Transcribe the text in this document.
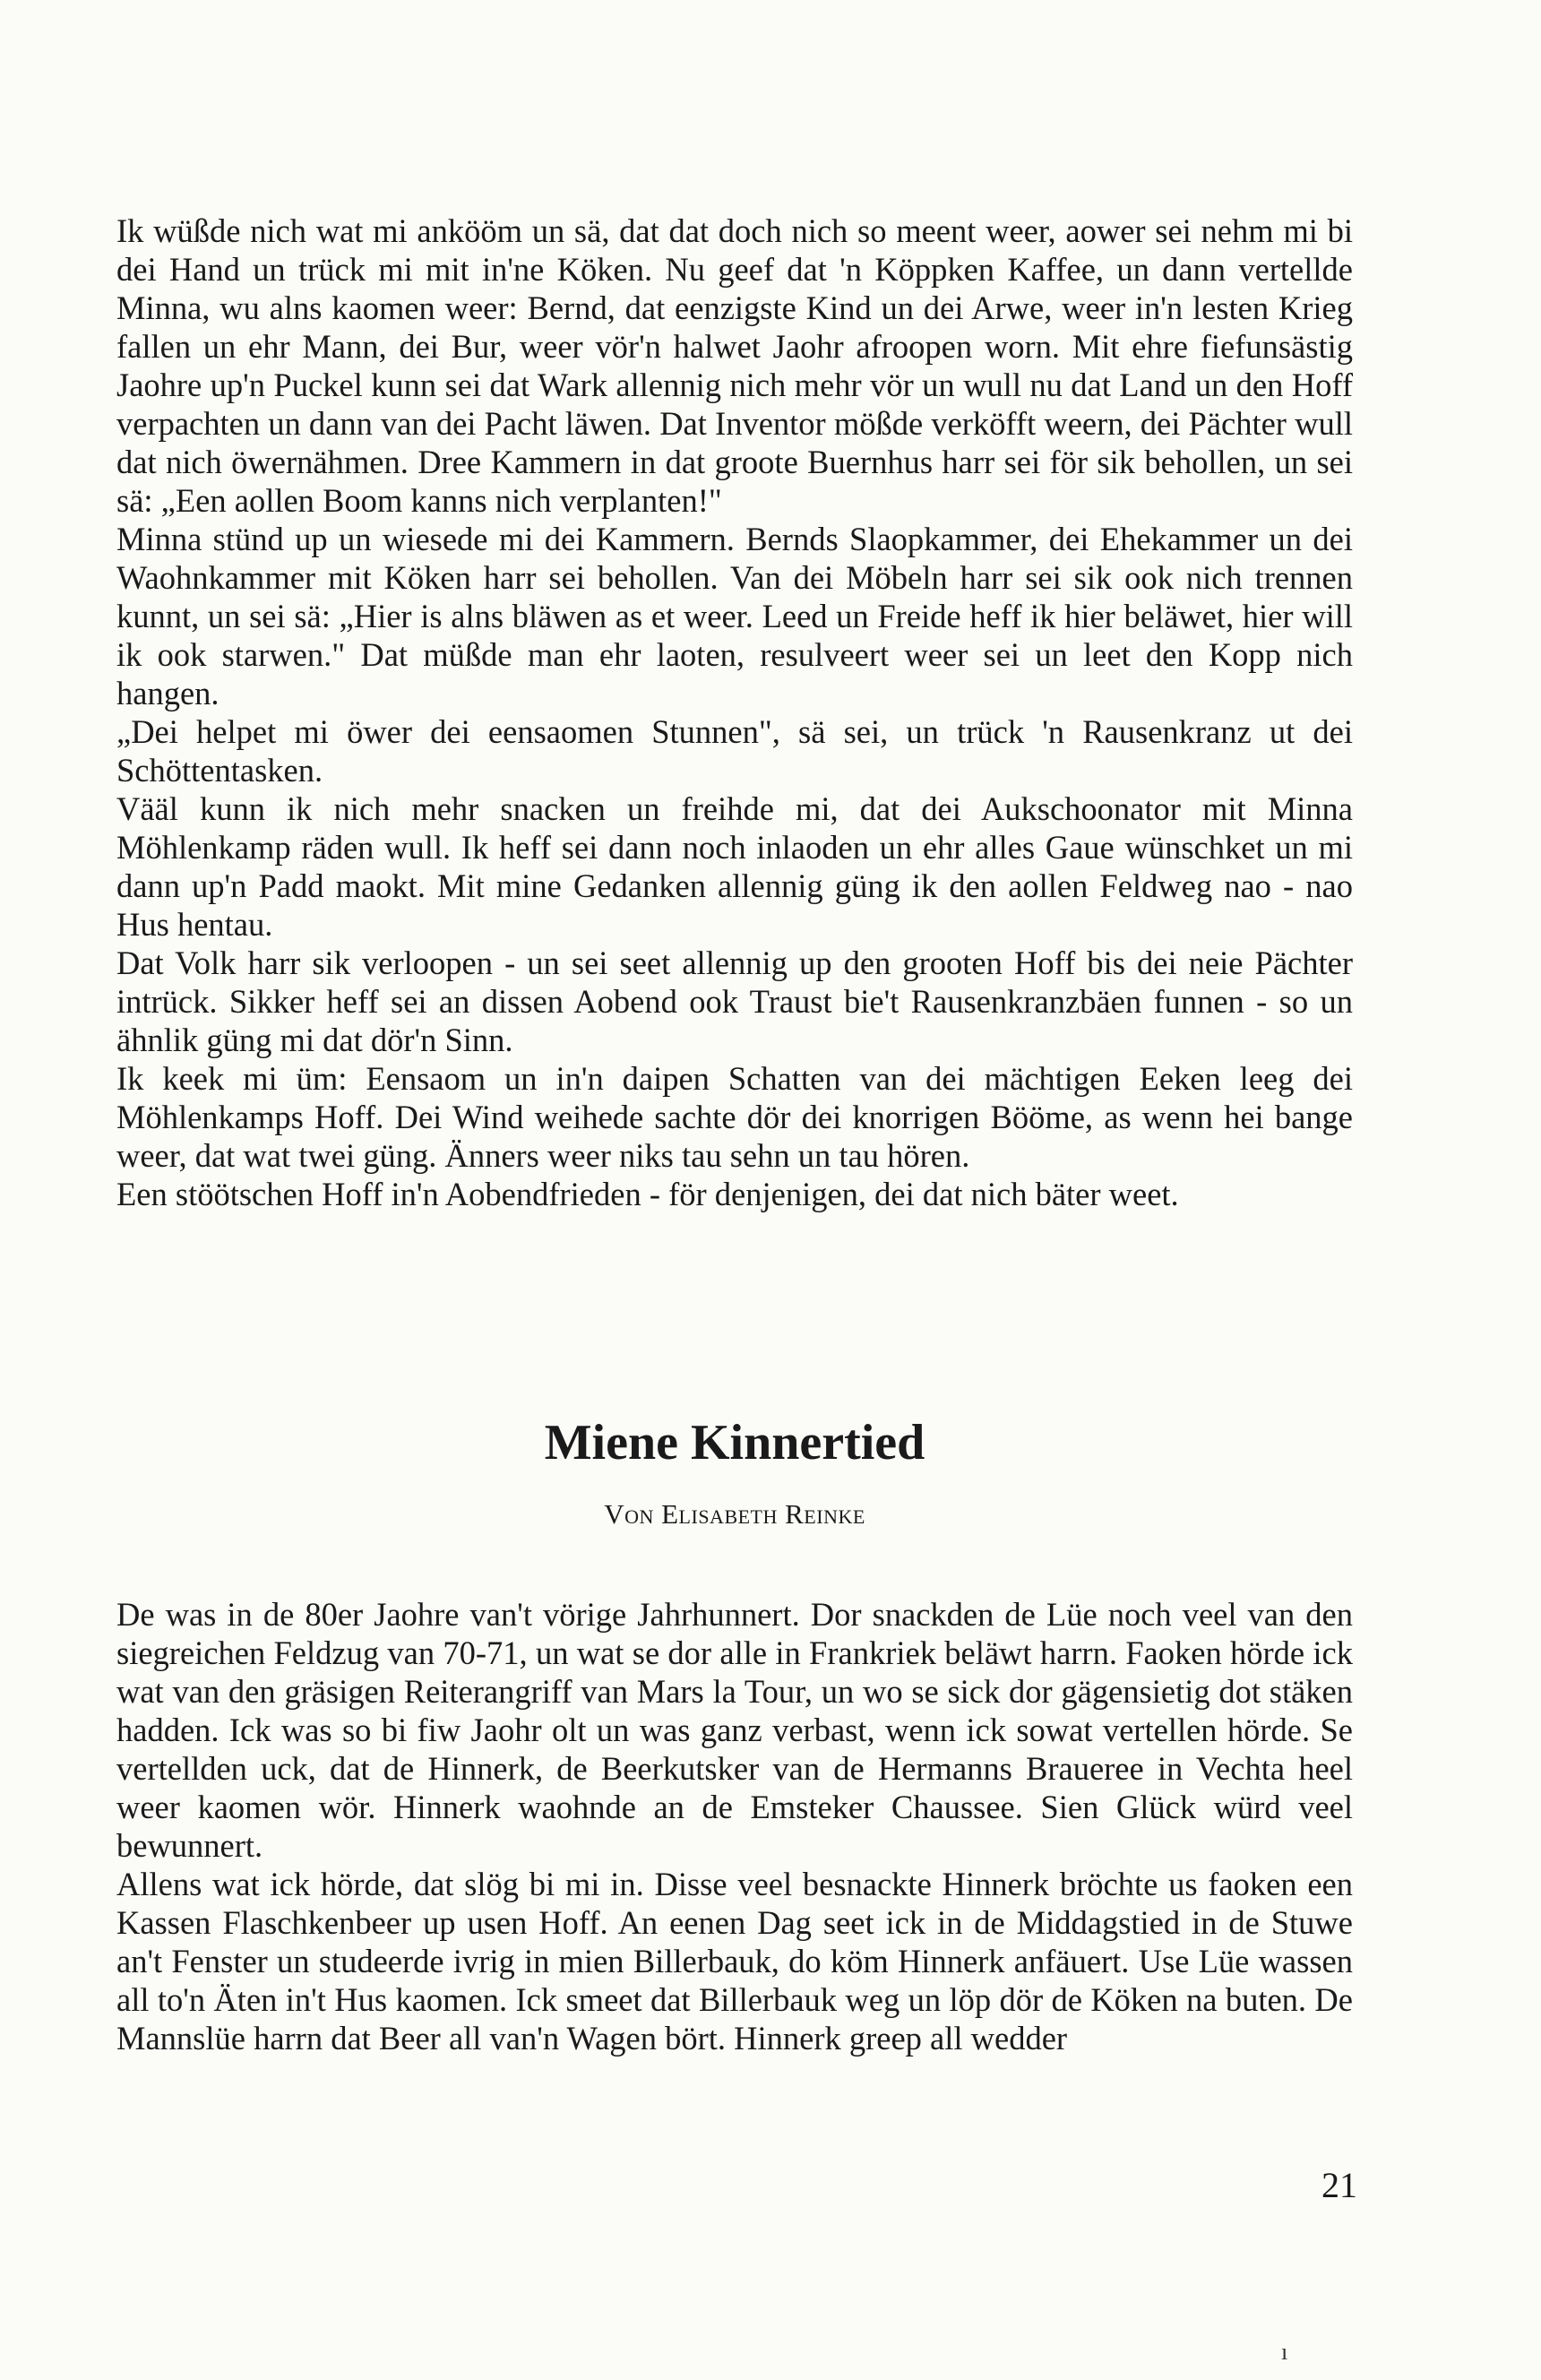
Ik wüßde nich wat mi ankööm un sä, dat dat doch nich so meent weer, aower sei nehm mi bi dei Hand un trück mi mit in'ne Köken. Nu geef dat 'n Köppken Kaffee, un dann vertellde Minna, wu alns kaomen weer: Bernd, dat eenzigste Kind un dei Arwe, weer in'n lesten Krieg fallen un ehr Mann, dei Bur, weer vör'n halwet Jaohr afroopen worn. Mit ehre fiefunsästig Jaohre up'n Puckel kunn sei dat Wark allennig nich mehr vör un wull nu dat Land un den Hoff verpachten un dann van dei Pacht läwen. Dat Inventor mößde verköfft weern, dei Pächter wull dat nich öwernähmen. Dree Kammern in dat groote Buernhus harr sei för sik behollen, un sei sä: „Een aollen Boom kanns nich verplanten!"

Minna stünd up un wiesede mi dei Kammern. Bernds Slaopkammer, dei Ehekammer un dei Waohnkammer mit Köken harr sei behollen. Van dei Möbeln harr sei sik ook nich trennen kunnt, un sei sä: „Hier is alns bläwen as et weer. Leed un Freide heff ik hier beläwet, hier will ik ook starwen." Dat müßde man ehr laoten, resulveert weer sei un leet den Kopp nich hangen.

„Dei helpet mi öwer dei eensaomen Stunnen", sä sei, un trück 'n Rausenkranz ut dei Schöttentasken.

Vääl kunn ik nich mehr snacken un freihde mi, dat dei Aukschoonator mit Minna Möhlenkamp räden wull. Ik heff sei dann noch inlaoden un ehr alles Gaue wünschket un mi dann up'n Padd maokt. Mit mine Gedanken allennig güng ik den aollen Feldweg nao - nao Hus hentau.

Dat Volk harr sik verloopen - un sei seet allennig up den grooten Hoff bis dei neie Pächter intrück. Sikker heff sei an dissen Aobend ook Traust bie't Rausenkranzbäen funnen - so un ähnlik güng mi dat dör'n Sinn.

Ik keek mi üm: Eensaom un in'n daipen Schatten van dei mächtigen Eeken leeg dei Möhlenkamps Hoff. Dei Wind weihede sachte dör dei knorrigen Bööme, as wenn hei bange weer, dat wat twei güng. Änners weer niks tau sehn un tau hören.

Een stöötschen Hoff in'n Aobendfrieden - för denjenigen, dei dat nich bäter weet.

Miene Kinnertied
Von Elisabeth Reinke

De was in de 80er Jaohre van't vörige Jahrhunnert. Dor snackden de Lüe noch veel van den siegreichen Feldzug van 70-71, un wat se dor alle in Frankriek beläwt harrn. Faoken hörde ick wat van den gräsigen Reiterangriff van Mars la Tour, un wo se sick dor gägensietig dot stäken hadden. Ick was so bi fiw Jaohr olt un was ganz verbast, wenn ick sowat vertellen hörde. Se vertellden uck, dat de Hinnerk, de Beerkutsker van de Hermanns Braueree in Vechta heel weer kaomen wör. Hinnerk waohnde an de Emsteker Chaussee. Sien Glück würd veel bewunnert.

Allens wat ick hörde, dat slög bi mi in. Disse veel besnackte Hinnerk bröchte us faoken een Kassen Flaschkenbeer up usen Hoff. An eenen Dag seet ick in de Middagstied in de Stuwe an't Fenster un studeerde ivrig in mien Billerbauk, do köm Hinnerk anfäuert. Use Lüe wassen all to'n Äten in't Hus kaomen. Ick smeet dat Billerbauk weg un löp dör de Köken na buten. De Mannslüe harrn dat Beer all van'n Wagen bört. Hinnerk greep all wedder

21
ı
